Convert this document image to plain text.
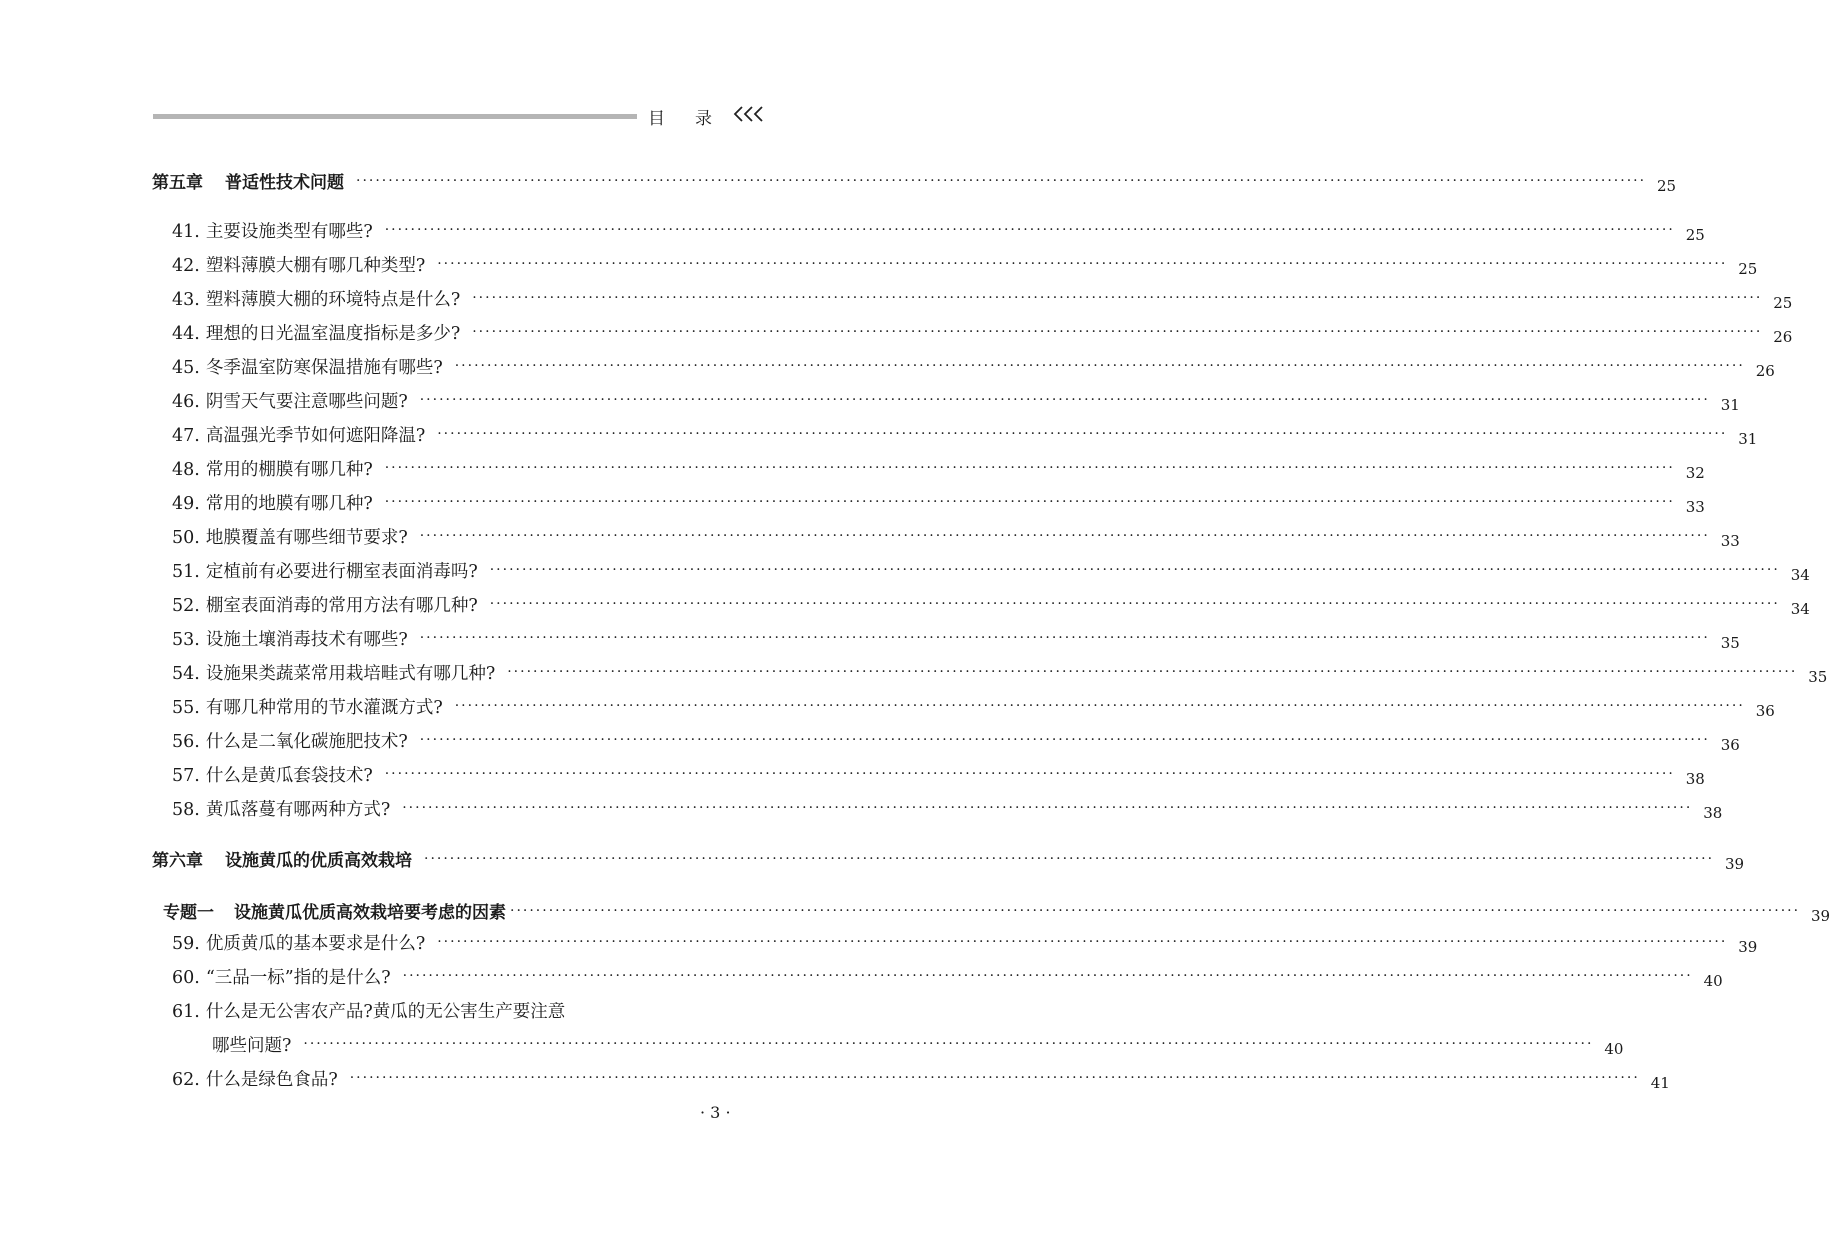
目 录
第五章 普适性技术问题 ········································································································································································································ 25
41. 主要设施类型有哪些? ········································································································································································································ 25
42. 塑料薄膜大棚有哪几种类型? ········································································································································································································ 25
43. 塑料薄膜大棚的环境特点是什么? ········································································································································································································ 25
44. 理想的日光温室温度指标是多少? ········································································································································································································ 26
45. 冬季温室防寒保温措施有哪些? ········································································································································································································ 26
46. 阴雪天气要注意哪些问题? ········································································································································································································ 31
47. 高温强光季节如何遮阳降温? ········································································································································································································ 31
48. 常用的棚膜有哪几种? ········································································································································································································ 32
49. 常用的地膜有哪几种? ········································································································································································································ 33
50. 地膜覆盖有哪些细节要求? ········································································································································································································ 33
51. 定植前有必要进行棚室表面消毒吗? ········································································································································································································ 34
52. 棚室表面消毒的常用方法有哪几种? ········································································································································································································ 34
53. 设施土壤消毒技术有哪些? ········································································································································································································ 35
54. 设施果类蔬菜常用栽培畦式有哪几种? ········································································································································································································ 35
55. 有哪几种常用的节水灌溉方式? ········································································································································································································ 36
56. 什么是二氧化碳施肥技术? ········································································································································································································ 36
57. 什么是黄瓜套袋技术? ········································································································································································································ 38
58. 黄瓜落蔓有哪两种方式? ········································································································································································································ 38
第六章 设施黄瓜的优质高效栽培 ········································································································································································································ 39
专题一 设施黄瓜优质高效栽培要考虑的因素 ········································································································································································································ 39
59. 优质黄瓜的基本要求是什么? ········································································································································································································ 39
60. “三品一标”指的是什么? ········································································································································································································ 40
61. 什么是无公害农产品?黄瓜的无公害生产要注意
哪些问题? ········································································································································································································ 40
62. 什么是绿色食品? ········································································································································································································ 41
· 3 ·
